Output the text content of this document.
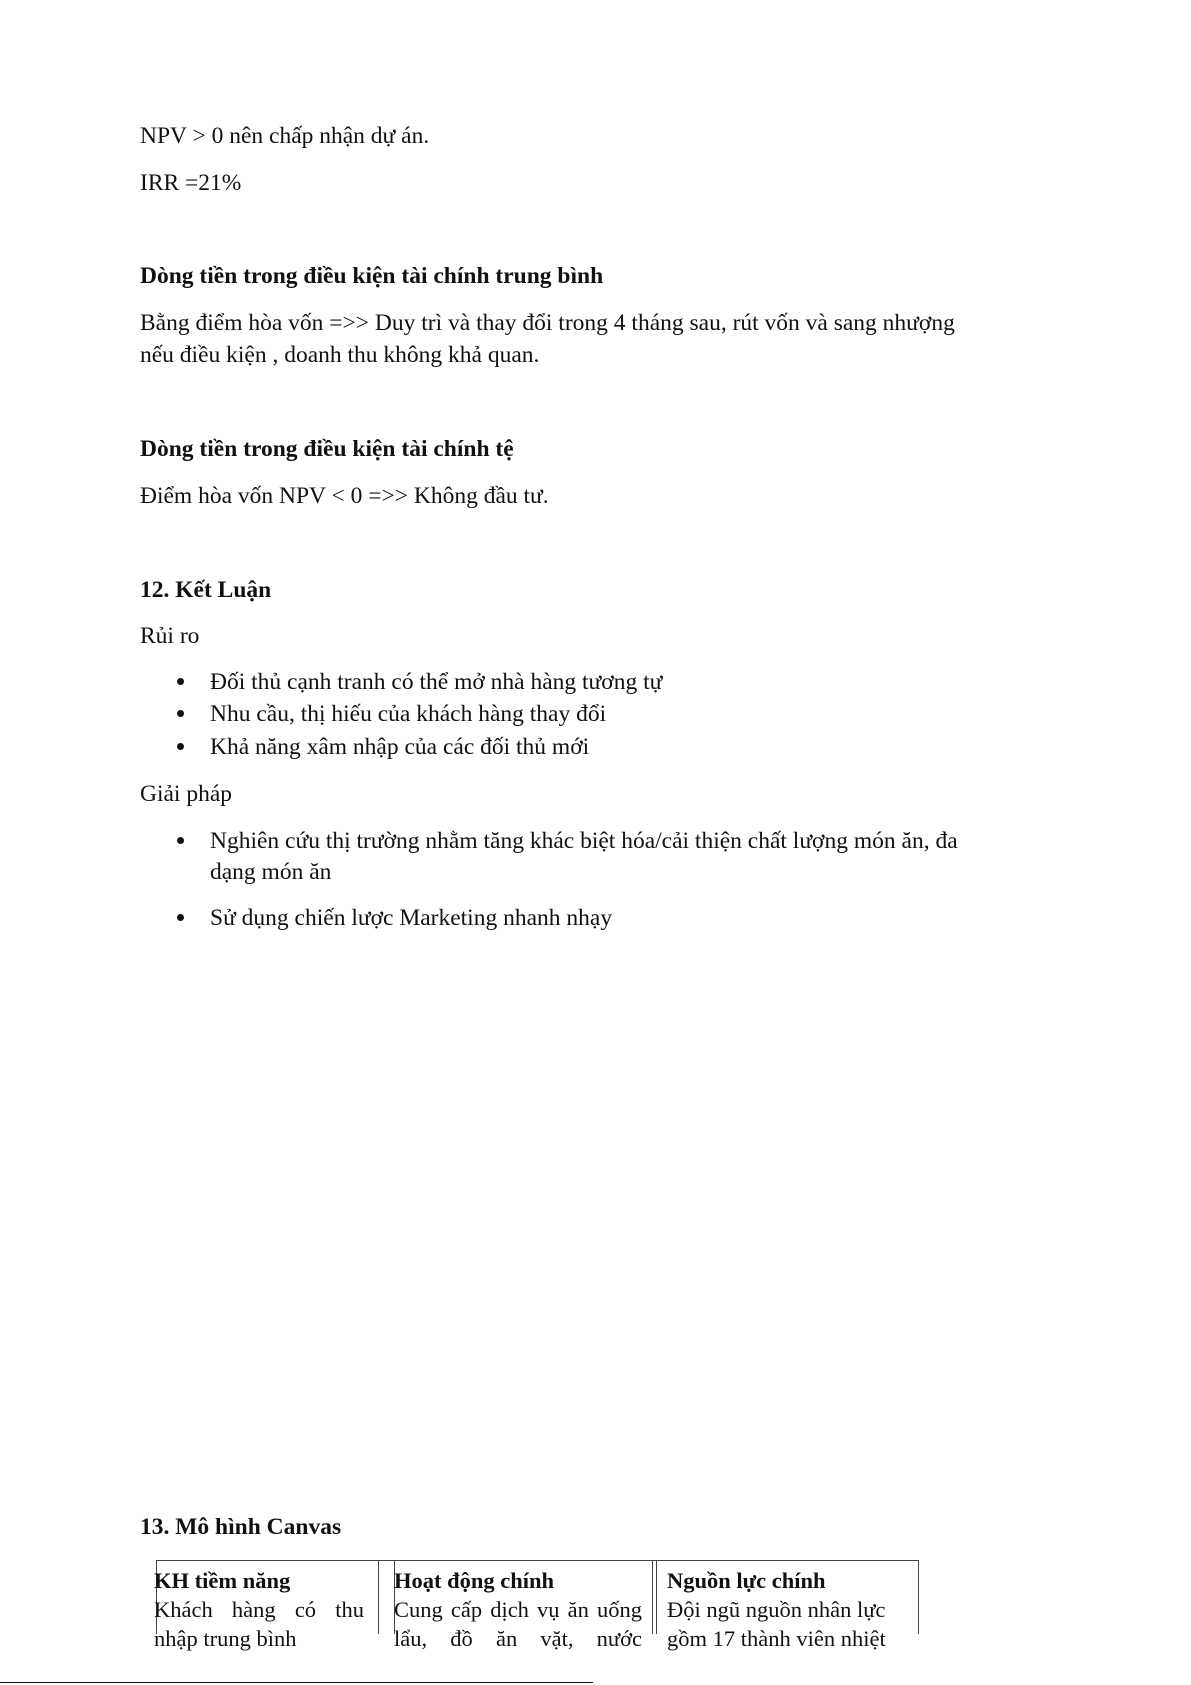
NPV > 0 nên chấp nhận dự án.
IRR =21%
Dòng tiền trong điều kiện tài chính trung bình
Bằng điểm hòa vốn =>> Duy trì và thay đổi trong 4 tháng sau, rút vốn và sang nhượng
nếu điều kiện , doanh thu không khả quan.
Dòng tiền trong điều kiện tài chính tệ
Điểm hòa vốn NPV < 0 =>> Không đầu tư.
12. Kết Luận
Rủi ro
Đối thủ cạnh tranh có thể mở nhà hàng tương tự
Nhu cầu, thị hiếu của khách hàng thay đổi
Khả năng xâm nhập của các đối thủ mới
Giải pháp
Nghiên cứu thị trường nhằm tăng khác biệt hóa/cải thiện chất lượng món ăn, đa
dạng món ăn
Sử dụng chiến lược Marketing nhanh nhạy
13. Mô hình Canvas
KH tiềm năng
Khách hàng có thu
nhập trung bình
Hoạt động chính
Cung cấp dịch vụ ăn uống
lẩu, đồ ăn vặt, nước
Nguồn lực chính
Đội ngũ nguồn nhân lực
gồm 17 thành viên nhiệt
